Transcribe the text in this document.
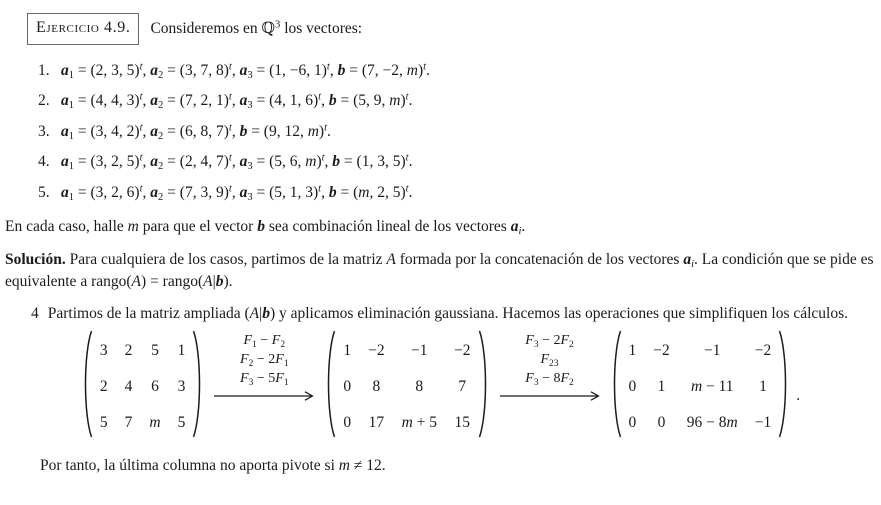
Ejercicio 4.9.	Consideremos en ℚ$^3$ los vectores:
1. $a_1 = (2$, 3, 5)$^t$, $a_2 = (3$, 7, 8)$^t$, $a_3 = (1$, −6, 1)$^t$, b = (7, −2, m)$^t$.
2. $a_1 = (4$, 4, 3)$^t$, $a_2 = (7$, 2, 1)$^t$, $a_3 = (4$, 1, 6)$^t$, b = (5, 9, m)$^t$.
3. $a_1 = (3$, 4, 2)$^t$, $a_2 = (6$, 8, 7)$^t$, b = (9, 12, m)$^t$.
4. $a_1 = (3$, 2, 5)$^t$, $a_2 = (2$, 4, 7)$^t$, $a_3 = (5$, 6, m)$^t$, b = (1, 3, 5)$^t$.
5. $a_1 = (3$, 2, 6)$^t$, $a_2 = (7$, 3, 9)$^t$, $a_3 = (5$, 1, 3)$^t$, b = (m, 2, 5)$^t$.
En cada caso, halle m para que el vector b sea combinación lineal de los vectores $a_i$.
Solución. Para cualquiera de los casos, partimos de la matriz A formada por la concatenación de los vectores $a_i$. La condición que se pide es equivalente a rango(A) = rango(A|b).
4 Partimos de la matriz ampliada (A|b) y aplicamos eliminación gaussiana. Hacemos las operaciones que simplifiquen los cálculos.
3 2 5 1
2 4 6 3
5 7 m 5
$F_1 - F_2$
$F_2 - 2F_1$
$F_3 - 5F_1$
1 −2 −1 −2
0 8 8 7
0 17 m + 5 15
$F_3 - 2F_2$
$F_{23}$
$F_3 - 8F_2$
1 −2 −1 −2
0 1 m − 11 1
0 0 96 − 8m −1
.
Por tanto, la última columna no aporta pivote si m ≠ 12.
